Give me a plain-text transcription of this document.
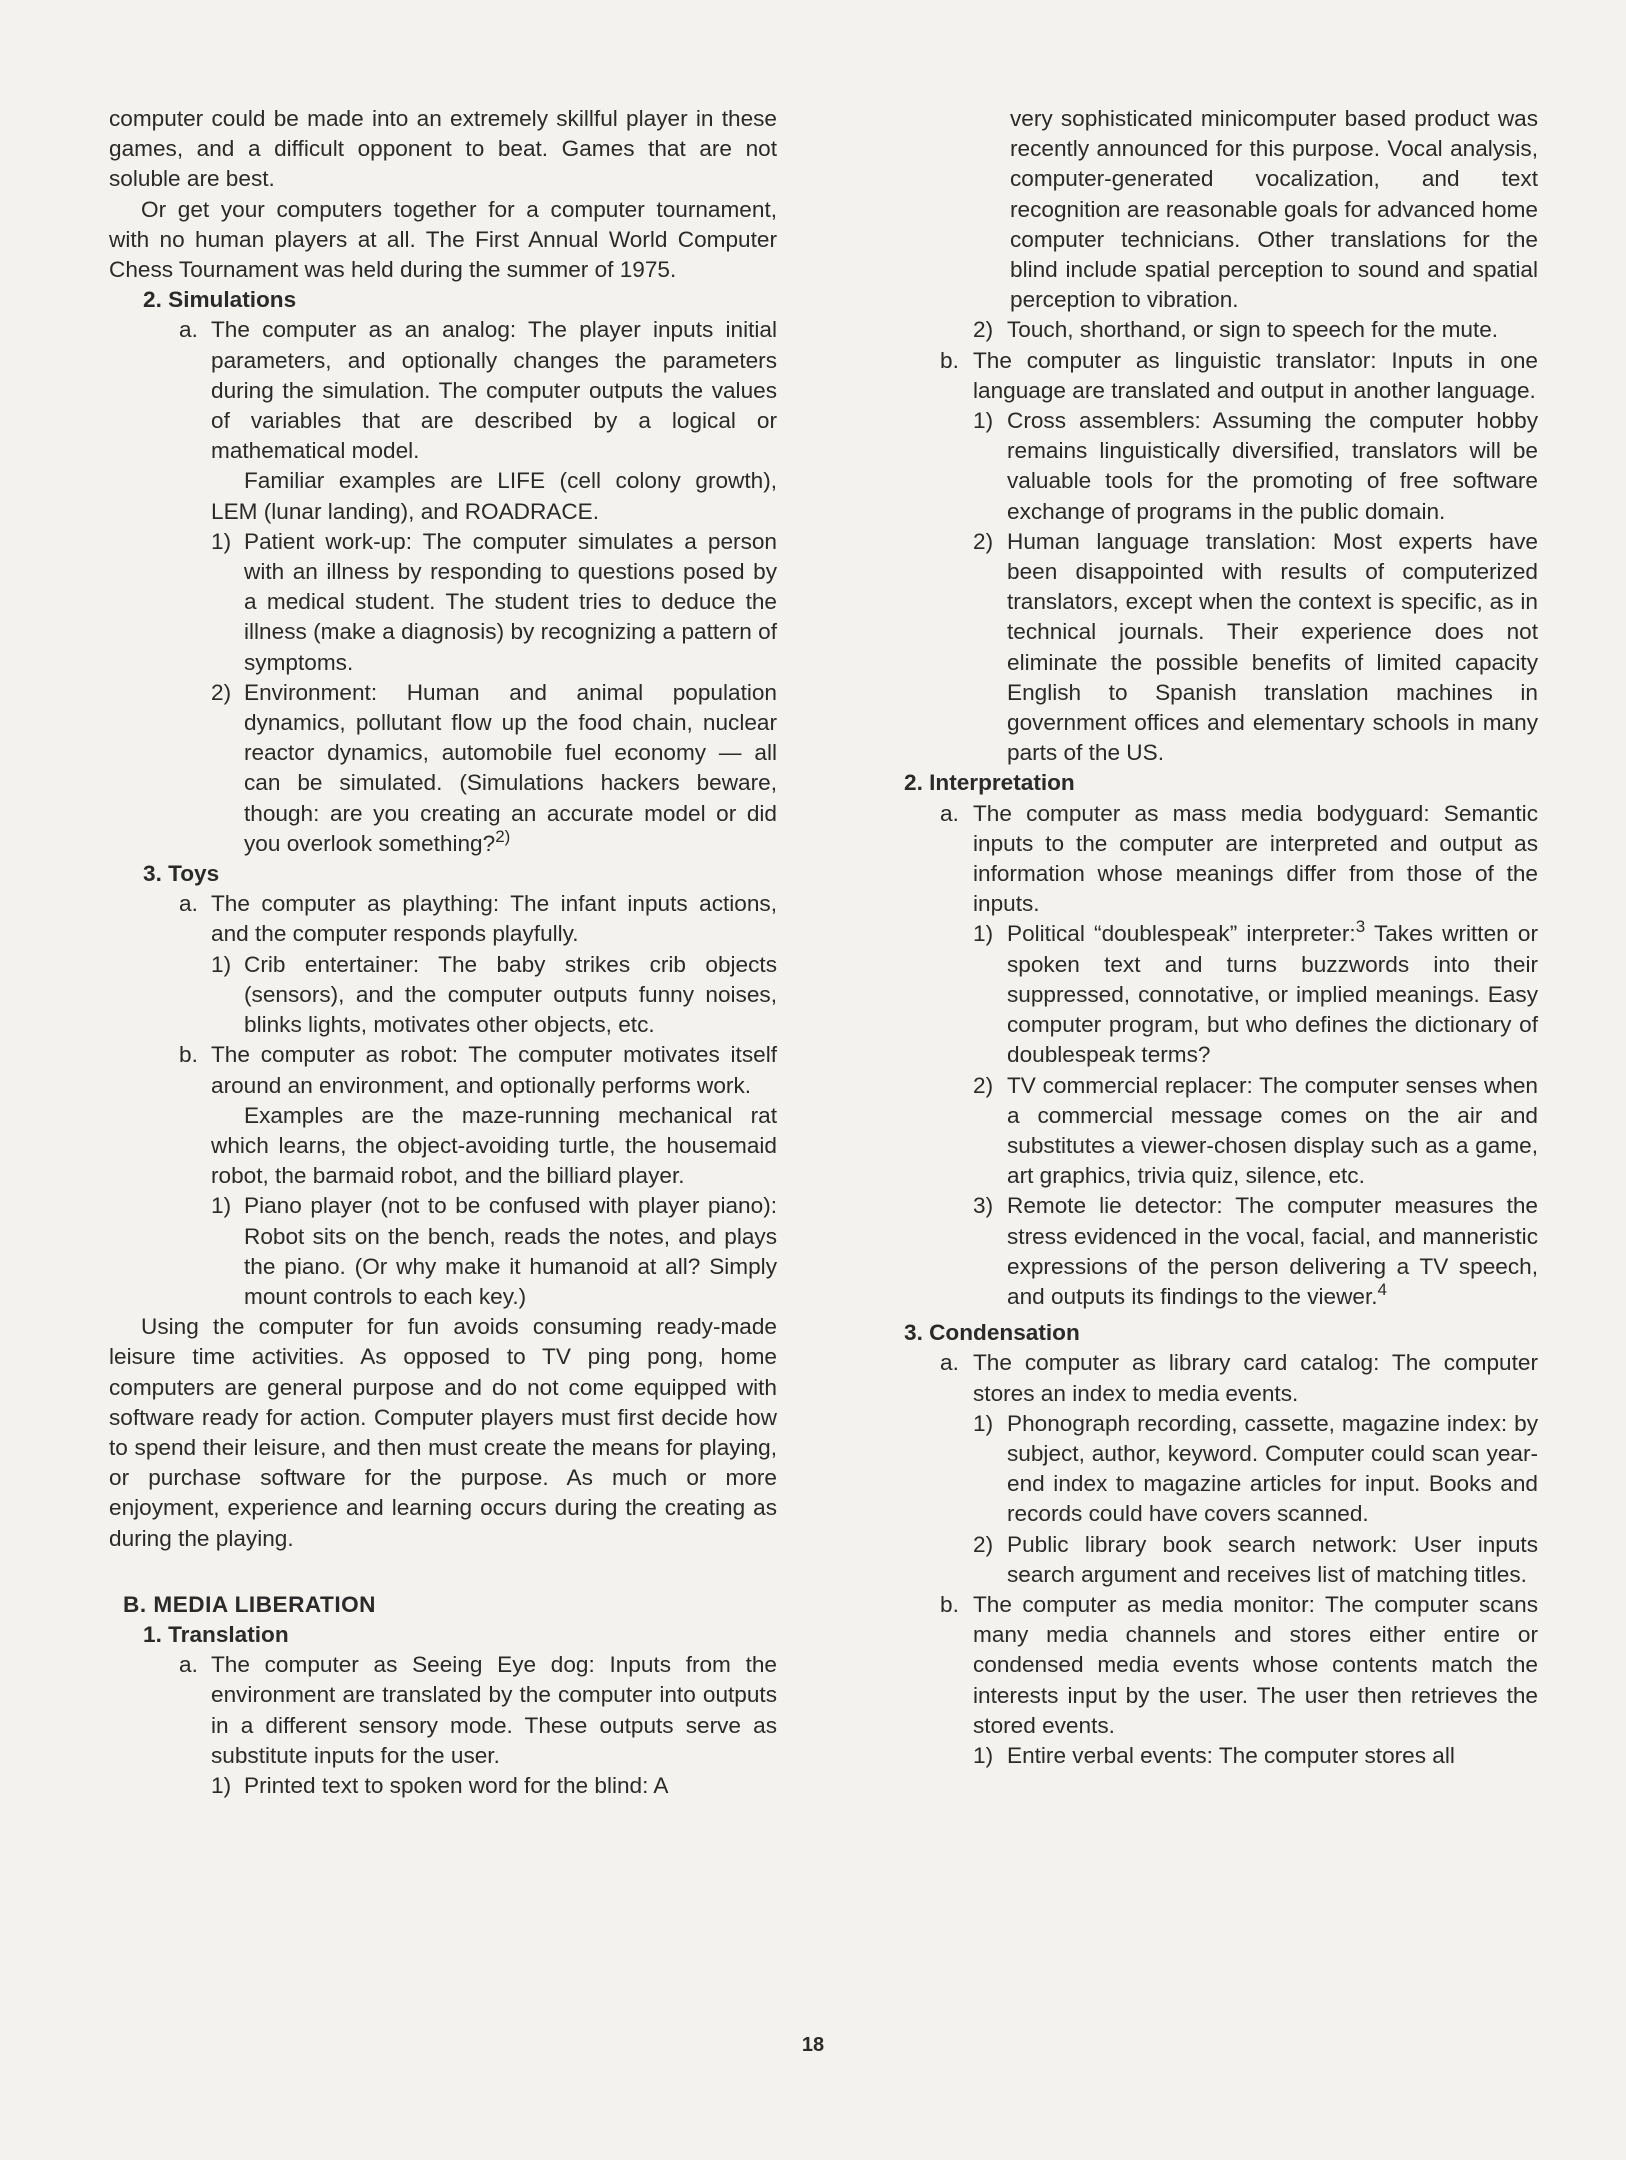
computer could be made into an extremely skillful player in these games, and a difficult opponent to beat. Games that are not soluble are best.

Or get your computers together for a computer tournament, with no human players at all. The First Annual World Computer Chess Tournament was held during the summer of 1975.

2. Simulations

a. The computer as an analog: The player inputs initial parameters, and optionally changes the parameters during the simulation. The computer outputs the values of variables that are described by a logical or mathematical model.

Familiar examples are LIFE (cell colony growth), LEM (lunar landing), and ROADRACE.

1) Patient work-up: The computer simulates a person with an illness by responding to questions posed by a medical student. The student tries to deduce the illness (make a diagnosis) by recognizing a pattern of symptoms.
2) Environment: Human and animal population dynamics, pollutant flow up the food chain, nuclear reactor dynamics, automobile fuel economy — all can be simulated. (Simulations hackers beware, though: are you creating an accurate model or did you overlook something?$^{2)}$

3. Toys

a. The computer as plaything: The infant inputs actions, and the computer responds playfully.
1) Crib entertainer: The baby strikes crib objects (sensors), and the computer outputs funny noises, blinks lights, motivates other objects, etc.
b. The computer as robot: The computer motivates itself around an environment, and optionally performs work.

Examples are the maze-running mechanical rat which learns, the object-avoiding turtle, the housemaid robot, the barmaid robot, and the billiard player.

1) Piano player (not to be confused with player piano): Robot sits on the bench, reads the notes, and plays the piano. (Or why make it humanoid at all? Simply mount controls to each key.)

Using the computer for fun avoids consuming ready-made leisure time activities. As opposed to TV ping pong, home computers are general purpose and do not come equipped with software ready for action. Computer players must first decide how to spend their leisure, and then must create the means for playing, or purchase software for the purpose. As much or more enjoyment, experience and learning occurs during the creating as during the playing.

B. MEDIA LIBERATION

1. Translation

a. The computer as Seeing Eye dog: Inputs from the environment are translated by the computer into outputs in a different sensory mode. These outputs serve as substitute inputs for the user.
1) Printed text to spoken word for the blind: A

very sophisticated minicomputer based product was recently announced for this purpose. Vocal analysis, computer-generated vocalization, and text recognition are reasonable goals for advanced home computer technicians. Other translations for the blind include spatial perception to sound and spatial perception to vibration.

2) Touch, shorthand, or sign to speech for the mute.
b. The computer as linguistic translator: Inputs in one language are translated and output in another language.
1) Cross assemblers: Assuming the computer hobby remains linguistically diversified, translators will be valuable tools for the promoting of free software exchange of programs in the public domain.
2) Human language translation: Most experts have been disappointed with results of computerized translators, except when the context is specific, as in technical journals. Their experience does not eliminate the possible benefits of limited capacity English to Spanish translation machines in government offices and elementary schools in many parts of the US.

2. Interpretation

a. The computer as mass media bodyguard: Semantic inputs to the computer are interpreted and output as information whose meanings differ from those of the inputs.
1) Political “doublespeak” interpreter:$^3$ Takes written or spoken text and turns buzzwords into their suppressed, connotative, or implied meanings. Easy computer program, but who defines the dictionary of doublespeak terms?
2) TV commercial replacer: The computer senses when a commercial message comes on the air and substitutes a viewer-chosen display such as a game, art graphics, trivia quiz, silence, etc.
3) Remote lie detector: The computer measures the stress evidenced in the vocal, facial, and manneristic expressions of the person delivering a TV speech, and outputs its findings to the viewer.$^4$

3. Condensation

a. The computer as library card catalog: The computer stores an index to media events.
1) Phonograph recording, cassette, magazine index: by subject, author, keyword. Computer could scan year-end index to magazine articles for input. Books and records could have covers scanned.
2) Public library book search network: User inputs search argument and receives list of matching titles.
b. The computer as media monitor: The computer scans many media channels and stores either entire or condensed media events whose contents match the interests input by the user. The user then retrieves the stored events.
1) Entire verbal events: The computer stores all
18
